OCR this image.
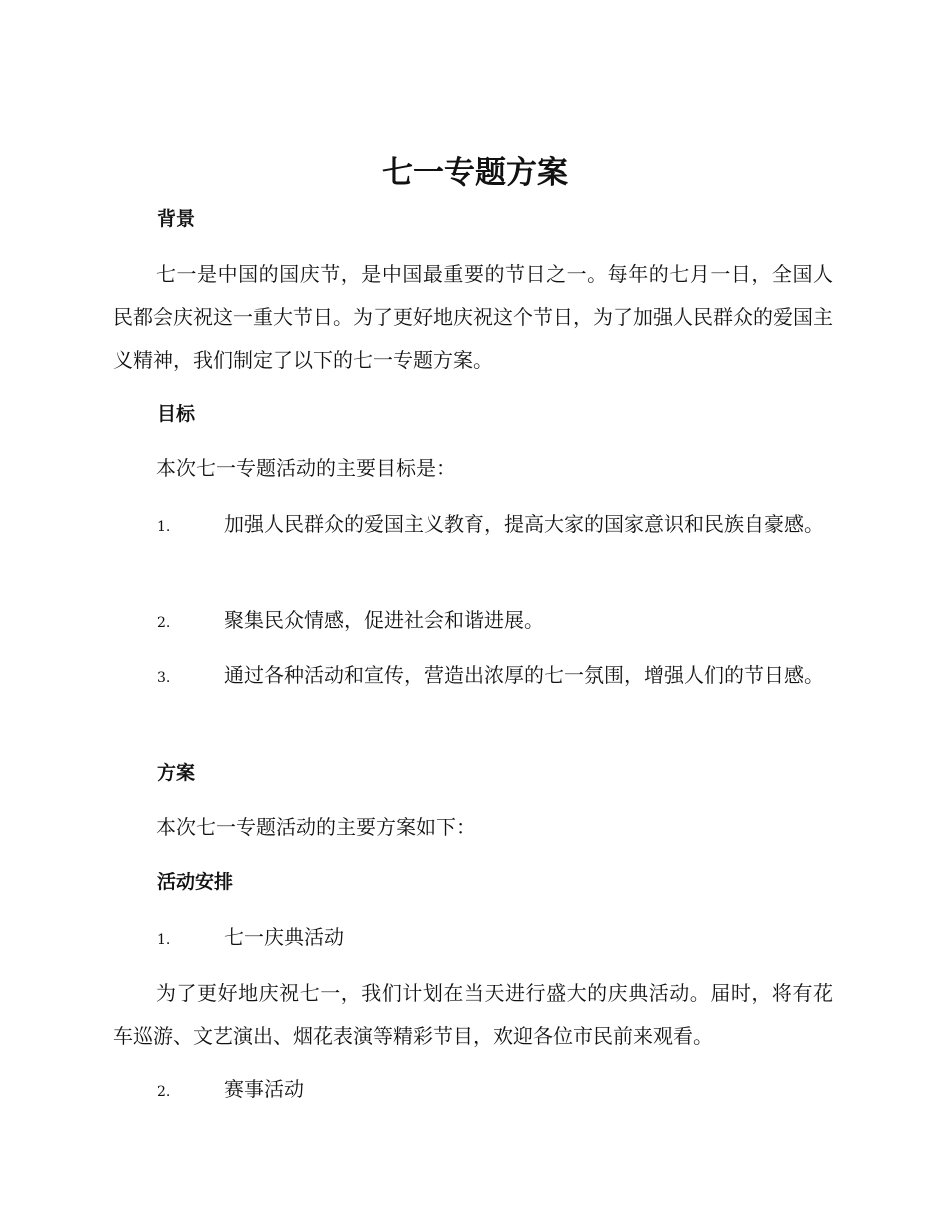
七一专题方案
背景

七一是中国的国庆节，是中国最重要的节日之一。每年的七月一日，全国人民都会庆祝这一重大节日。为了更好地庆祝这个节日，为了加强人民群众的爱国主义精神，我们制定了以下的七一专题方案。

目标

本次七一专题活动的主要目标是：

1.	加强人民群众的爱国主义教育，提高大家的国家意识和民族自豪感。

2.	聚集民众情感，促进社会和谐进展。

3.	通过各种活动和宣传，营造出浓厚的七一氛围，增强人们的节日感。

方案

本次七一专题活动的主要方案如下：

活动安排

1.	七一庆典活动

为了更好地庆祝七一，我们计划在当天进行盛大的庆典活动。届时，将有花车巡游、文艺演出、烟花表演等精彩节目，欢迎各位市民前来观看。

2.	赛事活动
